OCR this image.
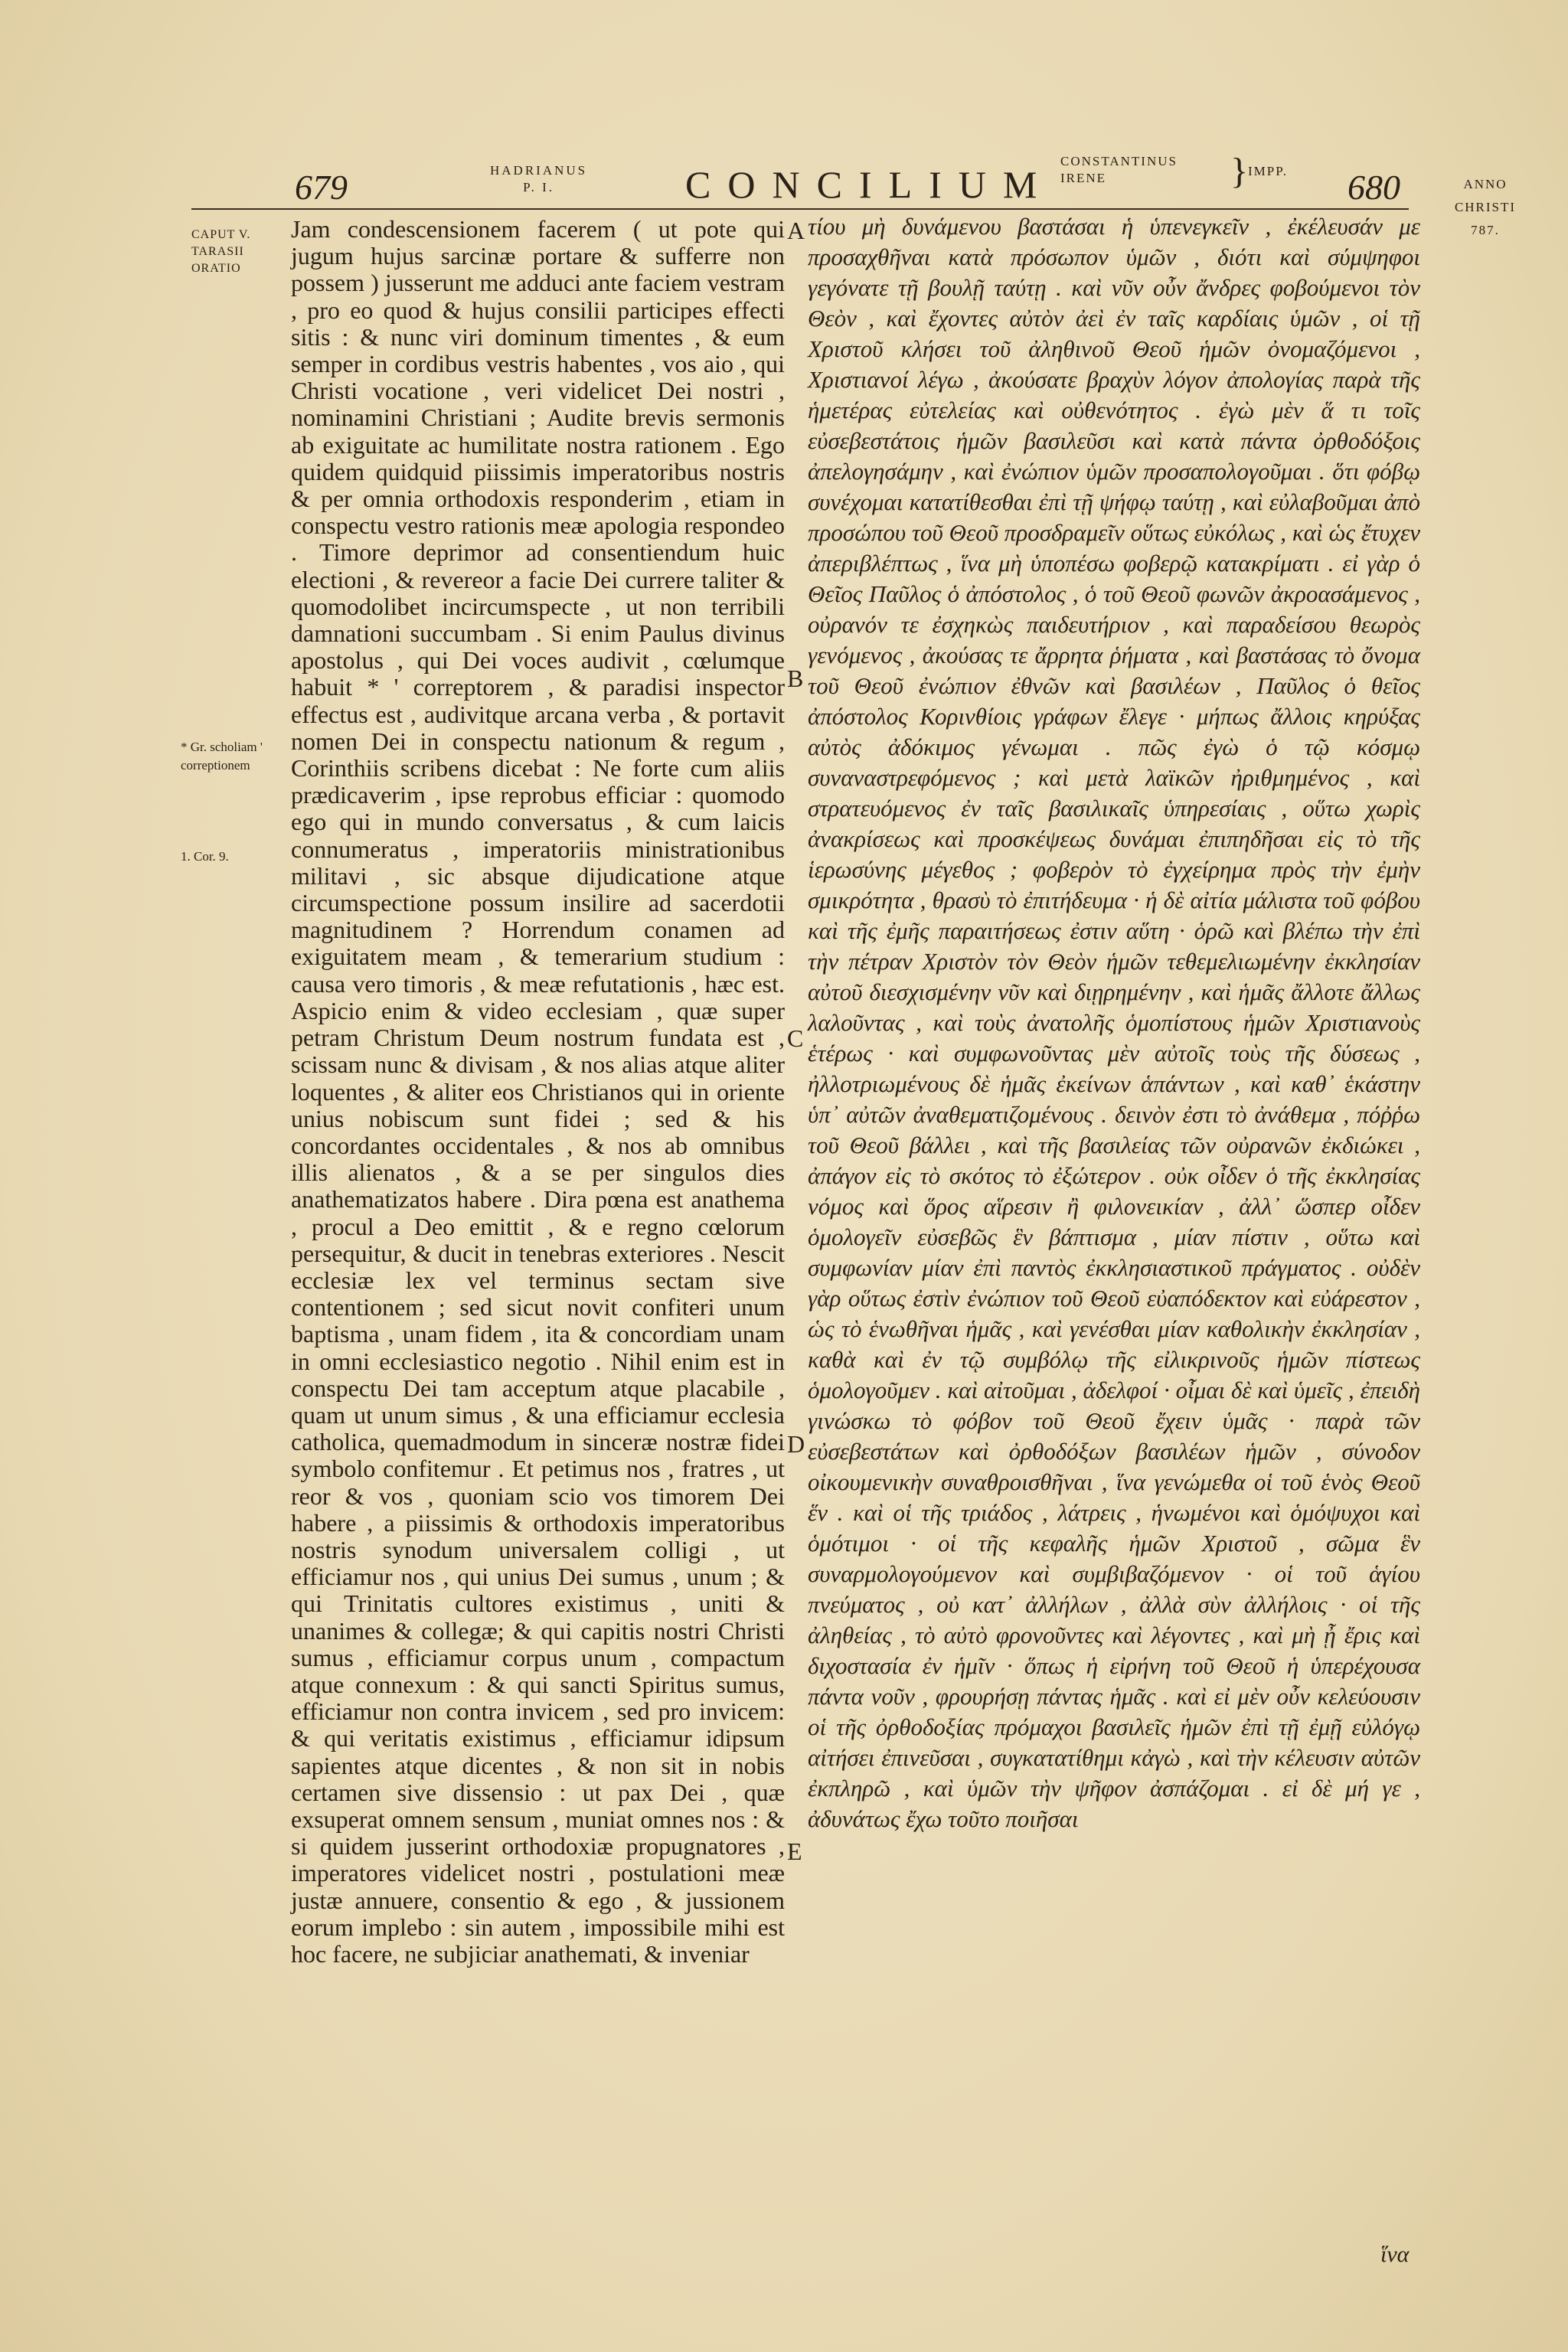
679	HADRIANUS
P. I.	CONCILIUM
CONSTANTINUS
IRENE	} IMPP. 680
CAPUT V.
TARASII
ORATIO
* Gr. scholiam ' correptionem
1. Cor. 9.
ANNO
CHRISTI
787.

Jam condescensionem facerem ( ut pote qui jugum hujus sarcinæ portare & sufferre non possem ) jusserunt me adduci ante faciem vestram , pro eo quod & hujus consilii participes effecti sitis : & nunc viri dominum timentes , & eum semper in cordibus vestris habentes , vos aio , qui Christi vocatione , veri videlicet Dei nostri , nominamini Christiani ; Audite brevis sermonis ab exiguitate ac humilitate nostra rationem . Ego quidem quidquid piissimis imperatoribus nostris & per omnia orthodoxis responderim , etiam in conspectu vestro rationis meæ apologia respondeo . Timore deprimor ad consentiendum huic electioni , & revereor a facie Dei currere taliter & quomodolibet incircumspecte , ut non terribili damnationi succumbam . Si enim Paulus divinus apostolus , qui Dei voces audivit , cœlumque habuit * ' correptorem , & paradisi inspector effectus est , audivitque arcana verba , & portavit nomen Dei in conspectu nationum & regum , Corinthiis scribens dicebat : Ne forte cum aliis prædicaverim , ipse reprobus efficiar : quomodo ego qui in mundo conversatus , & cum laicis connumeratus , imperatoriis ministrationibus militavi , sic absque dijudicatione atque circumspectione possum insilire ad sacerdotii magnitudinem ? Horrendum conamen ad exiguitatem meam , & temerarium studium : causa vero timoris , & meæ refutationis , hæc est. Aspicio enim & video ecclesiam , quæ super petram Christum Deum nostrum fundata est , scissam nunc & divisam , & nos alias atque aliter loquentes , & aliter eos Christianos qui in oriente unius nobiscum sunt fidei ; sed & his concordantes occidentales , & nos ab omnibus illis alienatos , & a se per singulos dies anathematizatos habere . Dira pœna est anathema , procul a Deo emittit , & e regno cœlorum persequitur, & ducit in tenebras exteriores . Nescit ecclesiæ lex vel terminus sectam sive contentionem ; sed sicut novit confiteri unum baptisma , unam fidem , ita & concordiam unam in omni ecclesiastico negotio . Nihil enim est in conspectu Dei tam acceptum atque placabile , quam ut unum simus , & una efficiamur ecclesia catholica, quemadmodum in sinceræ nostræ fidei symbolo confitemur . Et petimus nos , fratres , ut reor & vos , quoniam scio vos timorem Dei habere , a piissimis & orthodoxis imperatoribus nostris synodum universalem colligi , ut efficiamur nos , qui unius Dei sumus , unum ; & qui Trinitatis cultores existimus , uniti & unanimes & collegæ; & qui capitis nostri Christi sumus , efficiamur corpus unum , compactum atque connexum : & qui sancti Spiritus sumus, efficiamur non contra invicem , sed pro invicem: & qui veritatis existimus , efficiamur idipsum sapientes atque dicentes , & non sit in nobis certamen sive dissensio : ut pax Dei , quæ exsuperat omnem sensum , muniat omnes nos : & si quidem jusserint orthodoxiæ propugnatores , imperatores videlicet nostri , postulationi meæ justæ annuere, consentio & ego , & jussionem eorum implebo : sin autem , impossibile mihi est hoc facere, ne subjiciar anathemati, & inveniar

A
B
C
D
E

τίου μὴ δυνάμενου βαστάσαι ἡ ὑπενεγκεῖν , ἐκέλευσάν με προσαχθῆναι κατὰ πρόσωπον ὑμῶν , διότι καὶ σύμψηφοι γεγόνατε τῇ βουλῇ ταύτῃ . καὶ νῦν οὖν ἄνδρες φοβούμενοι τὸν Θεὸν , καὶ ἔχοντες αὐτὸν ἀεὶ ἐν ταῖς καρδίαις ὑμῶν , οἱ τῇ Χριστοῦ κλήσει τοῦ ἀληθινοῦ Θεοῦ ἡμῶν ὀνομαζόμενοι , Χριστιανοί λέγω , ἀκούσατε βραχὺν λόγον ἀπολογίας παρὰ τῆς ἡμετέρας εὐτελείας καὶ οὐθενότητος . ἐγὼ μὲν ἅ τι τοῖς εὐσεβεστάτοις ἡμῶν βασιλεῦσι καὶ κατὰ πάντα ὀρθοδόξοις ἀπελογησάμην , καὶ ἐνώπιον ὑμῶν προσαπολογοῦμαι . ὅτι φόβῳ συνέχομαι κατατίθεσθαι ἐπὶ τῇ ψήφῳ ταύτῃ , καὶ εὐλαβοῦμαι ἀπὸ προσώπου τοῦ Θεοῦ προσδραμεῖν οὕτως εὐκόλως , καὶ ὡς ἔτυχεν ἀπεριβλέπτως , ἵνα μὴ ὑποπέσω φοβερῷ κατακρίματι . εἰ γὰρ ὁ Θεῖος Παῦλος ὁ ἀπόστολος , ὁ τοῦ Θεοῦ φωνῶν ἀκροασάμενος , οὐρανόν τε ἐσχηκὼς παιδευτήριον , καὶ παραδείσου θεωρὸς γενόμενος , ἀκούσας τε ἄρρητα ῥήματα , καὶ βαστάσας τὸ ὄνομα τοῦ Θεοῦ ἐνώπιον ἐθνῶν καὶ βασιλέων , Παῦλος ὁ θεῖος ἀπόστολος Κορινθίοις γράφων ἔλεγε · μήπως ἄλλοις κηρύξας αὐτὸς ἀδόκιμος γένωμαι . πῶς ἐγὼ ὁ τῷ κόσμῳ συναναστρεφόμενος ; καὶ μετὰ λαϊκῶν ἠριθμημένος , καὶ στρατευόμενος ἐν ταῖς βασιλικαῖς ὑπηρεσίαις , οὕτω χωρὶς ἀνακρίσεως καὶ προσκέψεως δυνάμαι ἐπιπηδῆσαι εἰς τὸ τῆς ἱερωσύνης μέγεθος ; φοβερὸν τὸ ἐγχείρημα πρὸς τὴν ἐμὴν σμικρότητα , θρασὺ τὸ ἐπιτήδευμα · ἡ δὲ αἰτία μάλιστα τοῦ φόβου καὶ τῆς ἐμῆς παραιτήσεως ἐστιν αὕτη · ὁρῶ καὶ βλέπω τὴν ἐπὶ τὴν πέτραν Χριστὸν τὸν Θεὸν ἡμῶν τεθεμελιωμένην ἐκκλησίαν αὐτοῦ διεσχισμένην νῦν καὶ διῃρημένην , καὶ ἡμᾶς ἄλλοτε ἄλλως λαλοῦντας , καὶ τοὺς ἀνατολῆς ὁμοπίστους ἡμῶν Χριστιανοὺς ἑτέρως · καὶ συμφωνοῦντας μὲν αὐτοῖς τοὺς τῆς δύσεως , ἠλλοτριωμένους δὲ ἡμᾶς ἐκείνων ἁπάντων , καὶ καθ᾽ ἑκάστην ὑπ᾽ αὐτῶν ἀναθεματιζομένους . δεινὸν ἐστι τὸ ἀνάθεμα , πόῤῥω τοῦ Θεοῦ βάλλει , καὶ τῆς βασιλείας τῶν οὐρανῶν ἐκδιώκει , ἀπάγον εἰς τὸ σκότος τὸ ἐξώτερον . οὐκ οἶδεν ὁ τῆς ἐκκλησίας νόμος καὶ ὅρος αἵρεσιν ἢ φιλονεικίαν , ἀλλ᾽ ὥσπερ οἶδεν ὁμολογεῖν εὐσεβῶς ἓν βάπτισμα , μίαν πίστιν , οὕτω καὶ συμφωνίαν μίαν ἐπὶ παντὸς ἐκκλησιαστικοῦ πράγματος . οὐδὲν γὰρ οὕτως ἐστὶν ἐνώπιον τοῦ Θεοῦ εὐαπόδεκτον καὶ εὐάρεστον , ὡς τὸ ἑνωθῆναι ἡμᾶς , καὶ γενέσθαι μίαν καθολικὴν ἐκκλησίαν , καθὰ καὶ ἐν τῷ συμβόλῳ τῆς εἰλικρινοῦς ἡμῶν πίστεως ὁμολογοῦμεν . καὶ αἰτοῦμαι , ἀδελφοί · οἶμαι δὲ καὶ ὑμεῖς , ἐπειδὴ γινώσκω τὸ φόβον τοῦ Θεοῦ ἔχειν ὑμᾶς · παρὰ τῶν εὐσεβεστάτων καὶ ὀρθοδόξων βασιλέων ἡμῶν , σύνοδον οἰκουμενικὴν συναθροισθῆναι , ἵνα γενώμεθα οἱ τοῦ ἑνὸς Θεοῦ ἕν . καὶ οἱ τῆς τριάδος , λάτρεις , ἡνωμένοι καὶ ὁμόψυχοι καὶ ὁμότιμοι · οἱ τῆς κεφαλῆς ἡμῶν Χριστοῦ , σῶμα ἓν συναρμολογούμενον καὶ συμβιβαζόμενον · οἱ τοῦ ἁγίου πνεύματος , οὐ κατ᾽ ἀλλήλων , ἀλλὰ σὺν ἀλλήλοις · οἱ τῆς ἀληθείας , τὸ αὐτὸ φρονοῦντες καὶ λέγοντες , καὶ μὴ ᾖ ἔρις καὶ διχοστασία ἐν ἡμῖν · ὅπως ἡ εἰρήνη τοῦ Θεοῦ ἡ ὑπερέχουσα πάντα νοῦν , φρουρήσῃ πάντας ἡμᾶς . καὶ εἰ μὲν οὖν κελεύουσιν οἱ τῆς ὀρθοδοξίας πρόμαχοι βασιλεῖς ἡμῶν ἐπὶ τῇ ἐμῇ εὐλόγῳ αἰτήσει ἐπινεῦσαι , συγκατατίθημι κἀγὼ , καὶ τὴν κέλευσιν αὐτῶν ἐκπληρῶ , καὶ ὑμῶν τὴν ψῆφον ἀσπάζομαι . εἰ δὲ μή γε , ἀδυνάτως ἔχω τοῦτο ποιῆσαι

ἵνα
